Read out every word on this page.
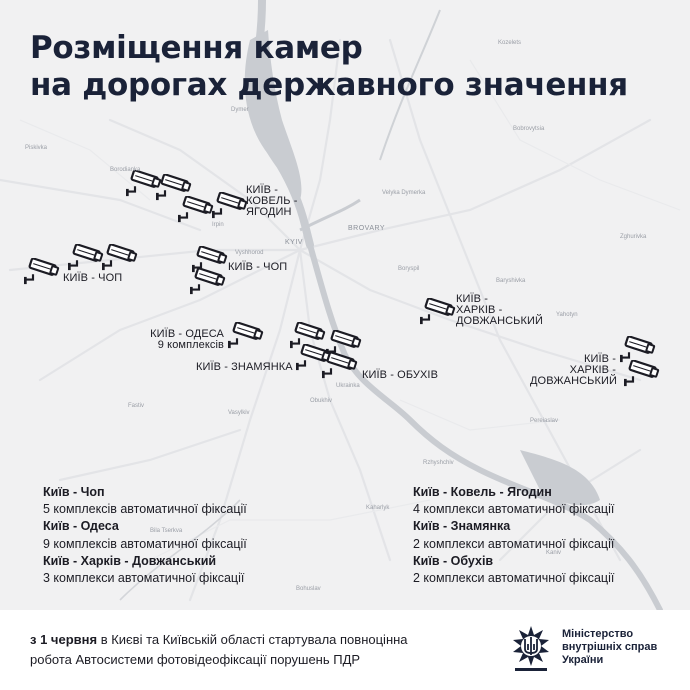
Dymer
Vyshhorod
KYIV
BROVARY
Boryspil
Obukhiv
Ukrainka
Rzhyshchiv
Vasylkiv
Fastiv
Irpin
Baryshivka
Yahotyn
Bila Tserkva
Zghurivka
Pereiaslav
Kaharlyk
Kaniv
Bohuslav
Bobrovytsia
Velyka Dymerka
Borodianka
Piskivka
Kozelets
Розміщення камер
на дорогах державного значення
КИЇВ -
КОВЕЛЬ -
ЯГОДИН
КИЇВ - ЧОП
КИЇВ - ЧОП
КИЇВ - ОДЕСА
9 комплексів
КИЇВ - ЗНАМЯНКА
КИЇВ - ОБУХІВ
КИЇВ -
ХАРКІВ -
ДОВЖАНСЬКИЙ
КИЇВ -
ХАРКІВ -
ДОВЖАНСЬКИЙ
Київ - Чоп
5 комплексів автоматичної фіксації
Київ - Одеса
9 комплексів автоматичної фіксації
Київ - Харків - Довжанський
3 комплекси автоматичної фіксації
Київ - Ковель - Ягодин
4 комплекси автоматичної фіксації
Київ - Знамянка
2 комплекси автоматичної фіксації
Київ - Обухів
2 комплекси автоматичної фіксації
з 1 червня в Києві та Київській області стартувала повноцінна
робота Автосистеми фотовідеофіксації порушень ПДР
Міністерство
внутрішніх справ
України
